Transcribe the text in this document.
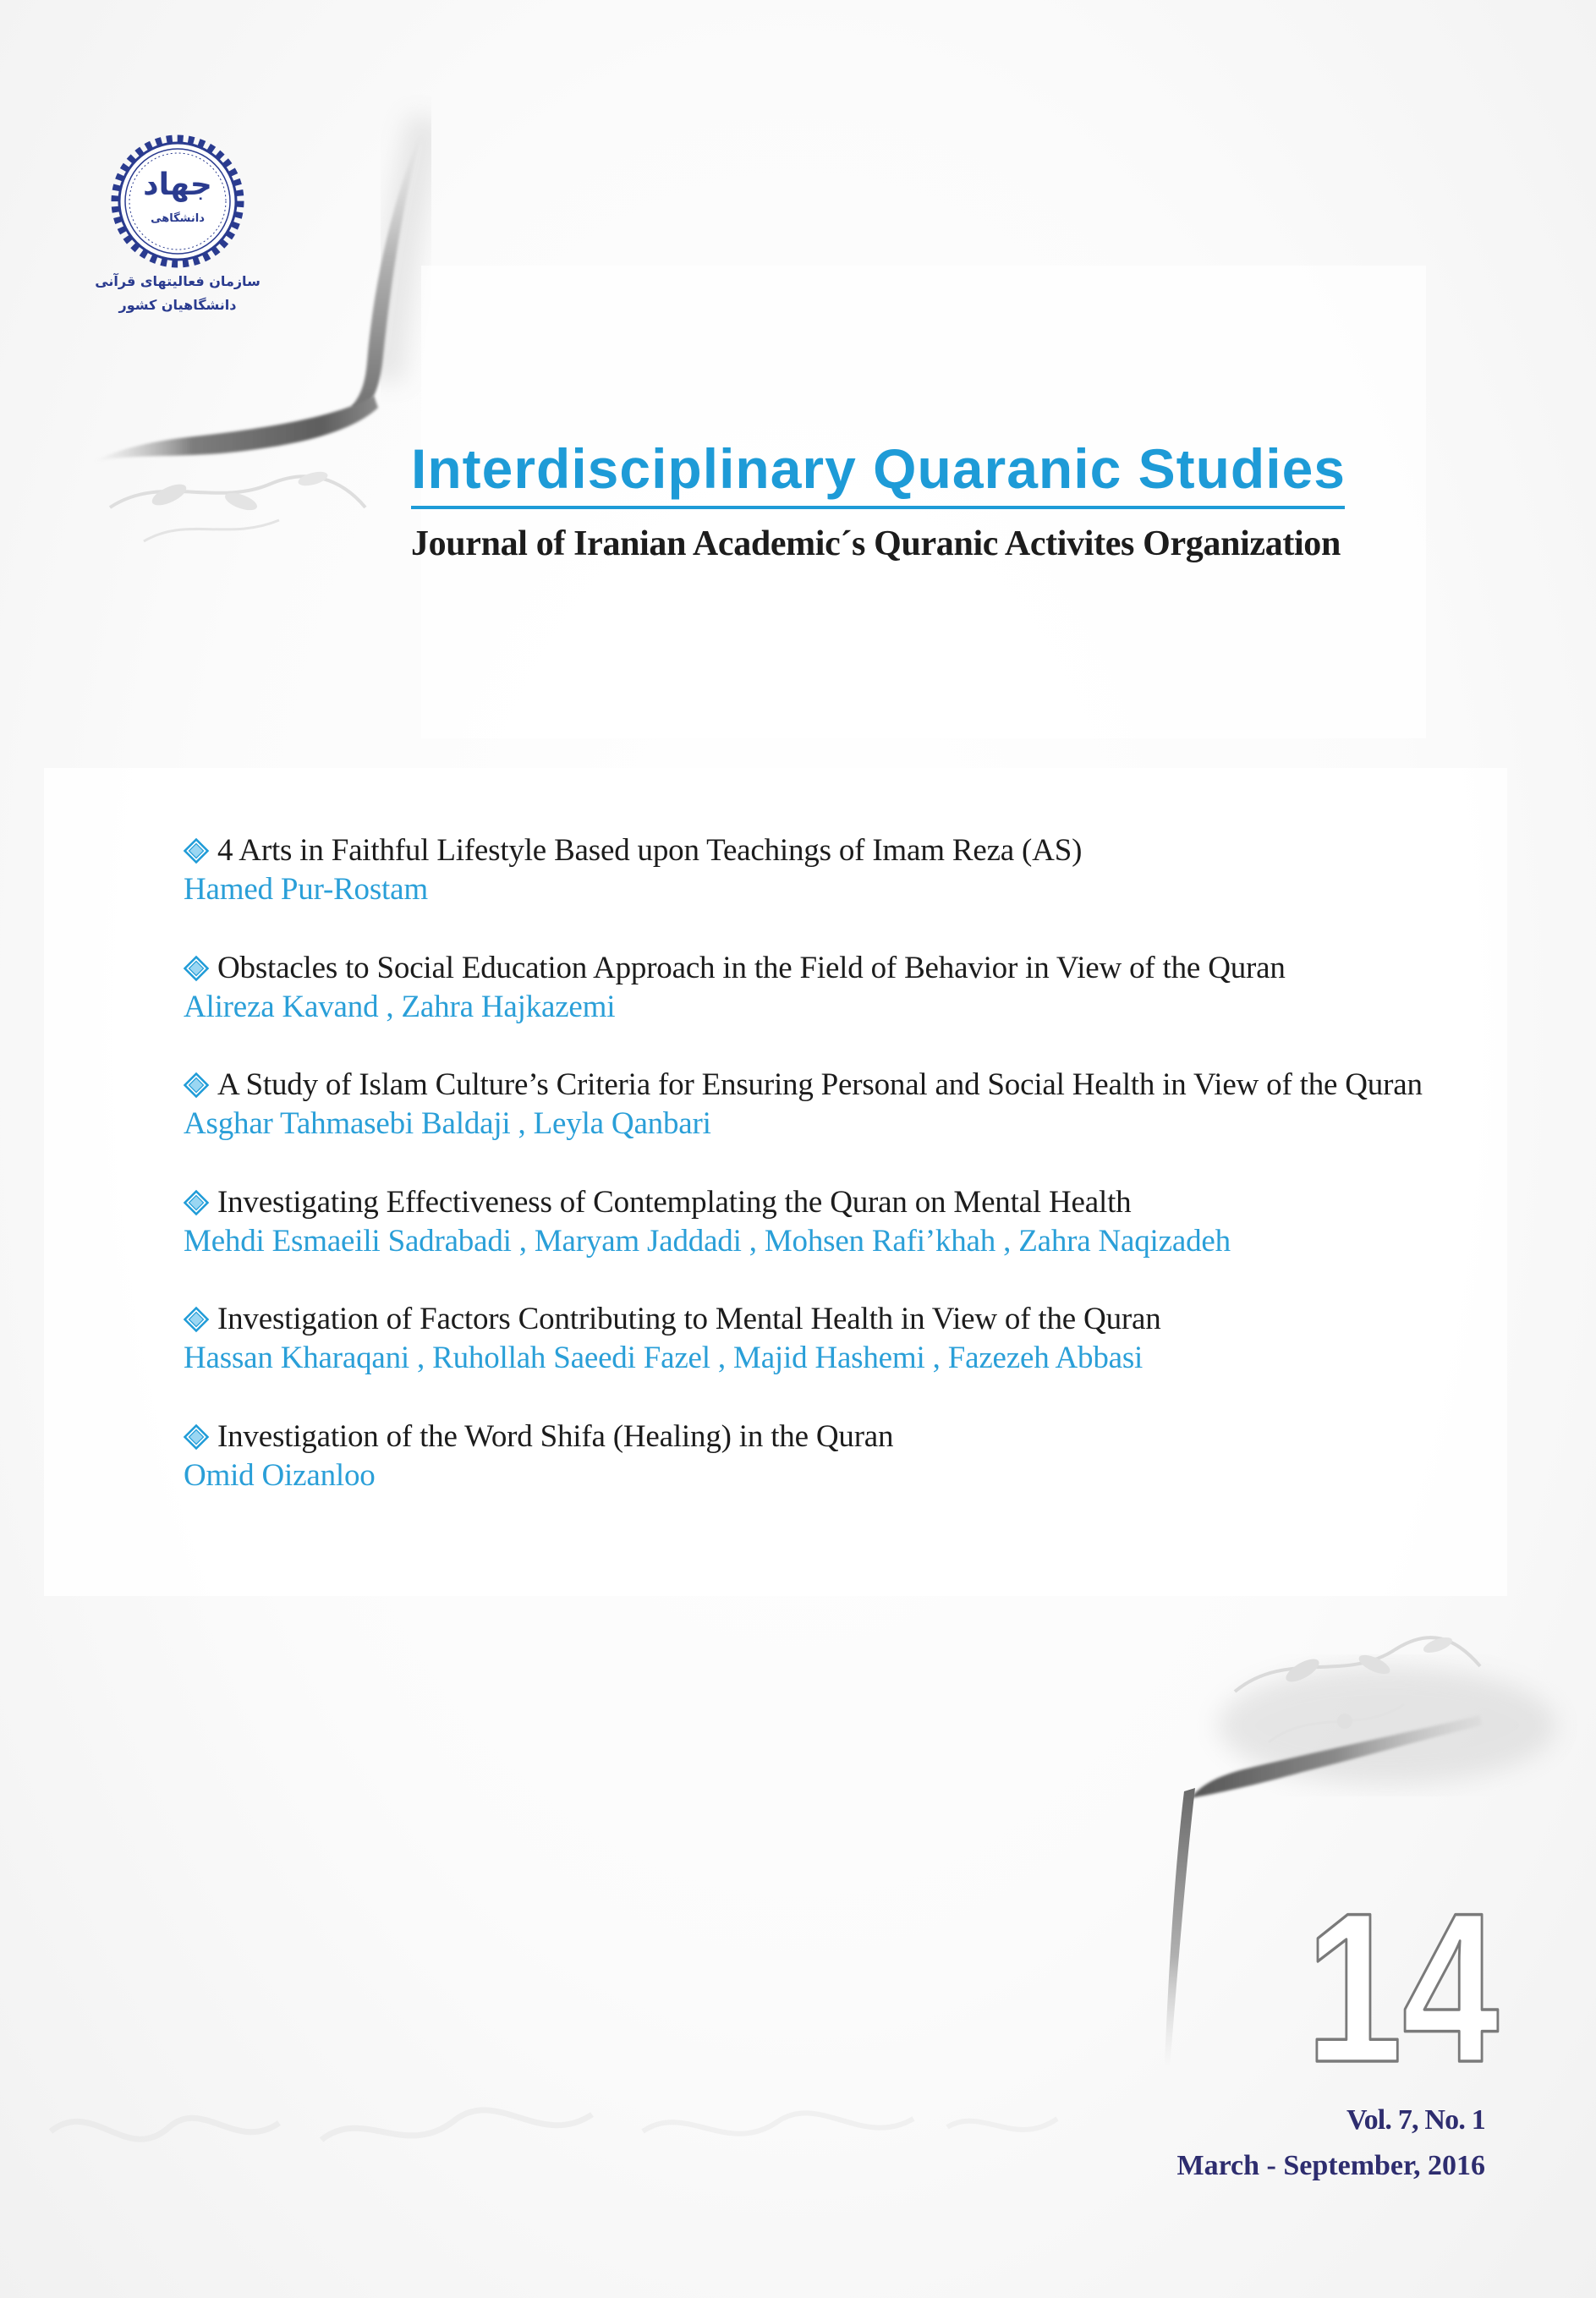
جهاد
دانشگاهی
سازمان فعالیتهای قرآنی
دانشگاهیان کشور
Interdisciplinary Quaranic Studies
Journal of Iranian Academic´s Quranic Activites Organization
4 Arts in Faithful Lifestyle Based upon Teachings of Imam Reza (AS)
Hamed Pur-Rostam
Obstacles to Social Education Approach in the Field of Behavior in View of the Quran
Alireza Kavand , Zahra Hajkazemi
A Study of Islam Culture’s Criteria for Ensuring Personal and Social Health in View of the Quran
Asghar Tahmasebi Baldaji , Leyla Qanbari
Investigating Effectiveness of Contemplating the Quran on Mental Health
Mehdi Esmaeili Sadrabadi , Maryam Jaddadi , Mohsen Rafi’khah , Zahra Naqizadeh
Investigation of Factors Contributing to Mental Health in View of the Quran
Hassan Kharaqani , Ruhollah Saeedi Fazel , Majid Hashemi , Fazezeh Abbasi
Investigation of the Word Shifa (Healing) in the Quran
Omid Oizanloo
14
Vol. 7, No. 1
March - September, 2016
